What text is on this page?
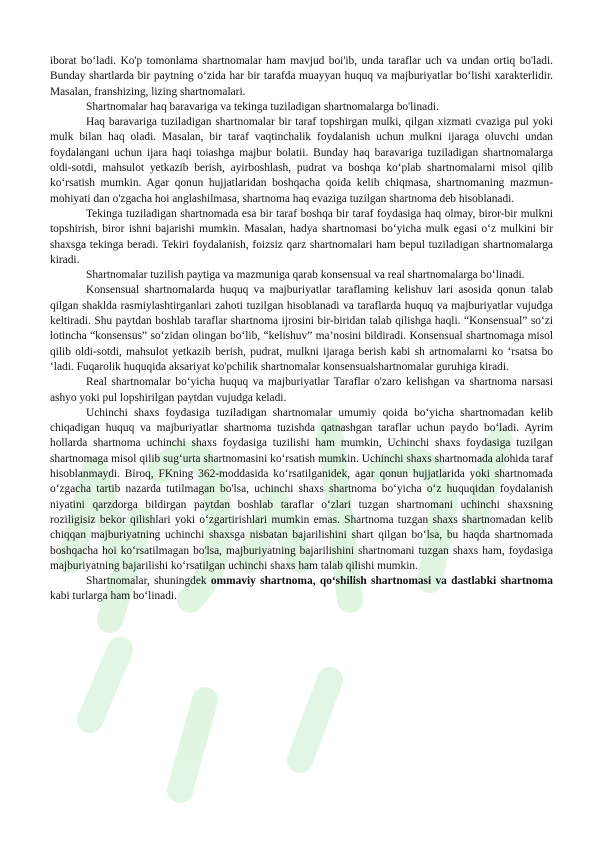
iborat bo‘ladi. Ko'p tomonlama shartnomalar ham mavjud boi'ib, unda taraflar uch va undan ortiq bo'ladi. Bunday shartlarda bir paytning o‘zida har bir tarafda muayyan huquq va majburiyatlar bo‘lishi xarakterlidir. Masalan, franshizing, lizing shartnomalari.

Shartnomalar haq baravariga va tekinga tuziladigan shartnomalarga bo'linadi.

Haq baravariga tuziladigan shartnomalar bir taraf topshirgan mulki, qilgan xizmati cvaziga pul yoki mulk bilan haq oladi. Masalan, bir taraf vaqtinchalik foydalanish uchun mulkni ijaraga oluvchi undan foydalangani uchun ijara haqi toiashga majbur bolatii. Bunday haq baravariga tuziladigan shartnomalarga oldi-sotdi, mahsulot yetkazib berish, ayirboshlash, pudrat va boshqa ko‘plab shartnomalarni misol qilib ko‘rsatish mumkin. Agar qonun hujjatlaridan boshqacha qoida kelib chiqmasa, shartnomaning mazmun-mohiyati dan o'zgacha hoi anglashilmasa, shartnoma haq evaziga tuzilgan shartnoma deb hisoblanadi.

Tekinga tuziladigan shartnomada esa bir taraf boshqa bir taraf foydasiga haq olmay, biror-bir mulkni topshirish, biror ishni bajarishi mumkin. Masalan, hadya shartnomasi bo‘yicha mulk egasi o‘z mulkini bir shaxsga tekinga beradi. Tekiri foydalanish, foizsiz qarz shartnomalari ham bepul tuziladigan shartnomalarga kiradi.

Shartnomalar tuzilish paytiga va mazmuniga qarab konsensual va real shartnomalarga bo‘linadi.

Konsensual shartnomalarda huquq va majburiyatlar taraflaming kelishuv lari asosida qonun talab qilgan shaklda rasmiylashtirganlari zahoti tuzilgan hisoblanadi va taraflarda huquq va majburiyatlar vujudga keltiradi. Shu paytdan boshlab taraflar shartnoma ijrosini bir-biridan talab qilishga haqli. “Konsensual” so‘zi lotincha “konsensus” so‘zidan olingan bo‘lib, “kelishuv” ma’nosini bildiradi. Konsensual shartnomaga misol qilib oldi-sotdi, mahsulot yetkazib berish, pudrat, mulkni ijaraga berish kabi sh artnomalarni ko ‘rsatsa bo ‘ladi. Fuqarolik huquqida aksariyat ko'pchilik shartnomalar konsensualshartnomalar guruhiga kiradi.

Real shartnomalar bo‘yicha huquq va majburiyatlar Taraflar o'zaro kelishgan va shartnoma narsasi ashyo yoki pul lopshirilgan paytdan vujudga keladi.

Uchinchi shaxs foydasiga tuziladigan shartnomalar umumiy qoida bo‘yicha shartnomadan kelib chiqadigan huquq va majburiyatlar shartnoma tuzishda qatnashgan taraflar uchun paydo bo‘ladi. Ayrim hollarda shartnoma uchinchi shaxs foydasiga tuzilishi ham mumkin, Uchinchi shaxs foydasiga tuzilgan shartnomaga misol qilib sug‘urta shartnomasini ko‘rsatish mumkin. Uchinchi shaxs shartnomada alohida taraf hisoblanmaydi. Biroq, FKning 362-moddasida ko‘rsatilganidek, agar qonun hujjatlarida yoki shartnomada o‘zgacha tartib nazarda tutilmagan bo'lsa, uchinchi shaxs shartnoma bo‘yicha o‘z huquqidan foydalanish niyatini qarzdorga bildirgan paytdan boshlab taraflar o‘zlari tuzgan shartnomani uchinchi shaxsning roziligisiz bekor qilishlari yoki o‘zgartirishlari mumkin emas. Shartnoma tuzgan shaxs shartnomadan kelib chiqqan majburiyatning uchinchi shaxsga nisbatan bajarilishini shart qilgan bo‘lsa, bu haqda shartnomada boshqacha hoi ko‘rsatilmagan bo'lsa, majburiyatning bajarilishini shartnomani tuzgan shaxs ham, foydasiga majburiyatning bajarilishi ko‘rsatilgan uchinchi shaxs ham talab qilishi mumkin.

Shartnomalar, shuningdek ommaviy shartnoma, qo‘shilish shartnomasi va dastlabki shartnoma kabi turlarga ham bo‘linadi.
